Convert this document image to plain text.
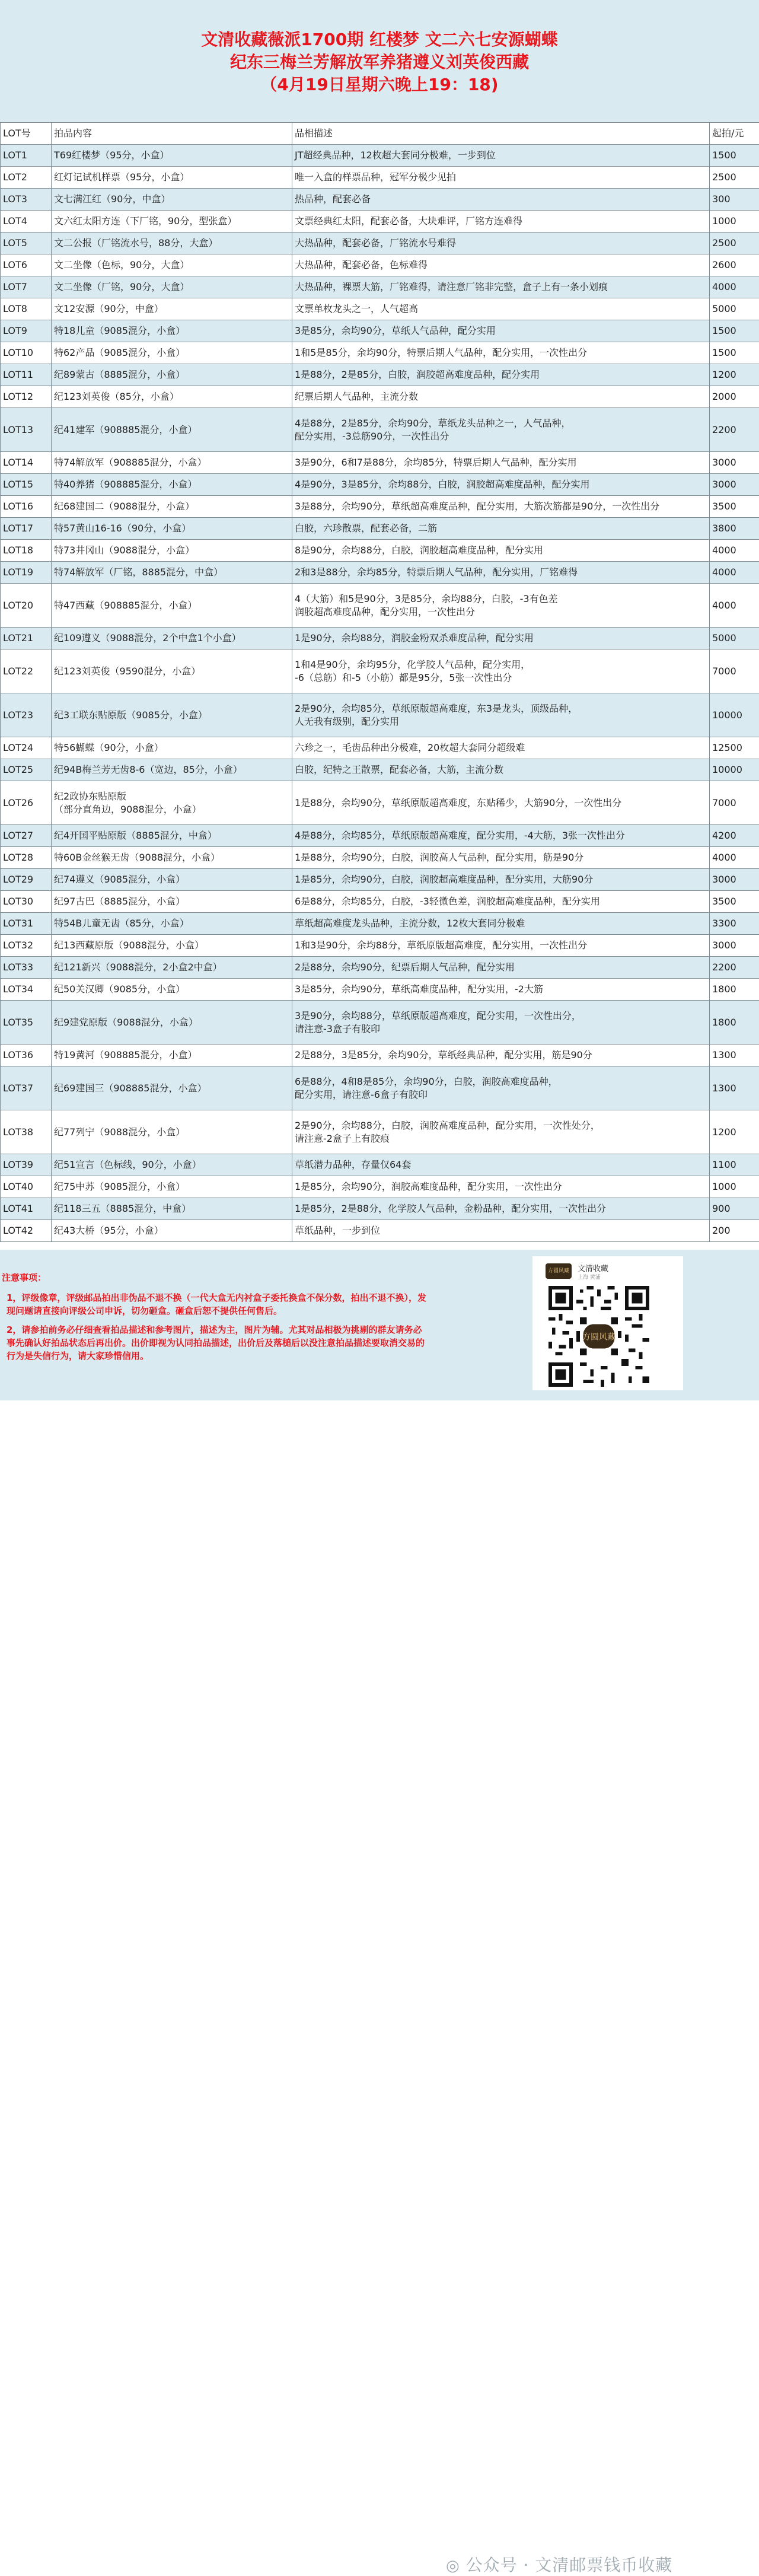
文清收藏薇派1700期 红楼梦 文二六七安源蝴蝶
纪东三梅兰芳解放军养猪遵义刘英俊西藏
（4月19日星期六晚上19：18)
LOT号	拍品内容	品相描述	起拍/元
LOT1	T69红楼梦（95分，小盒）	JT超经典品种，12枚超大套同分极难，一步到位	1500
LOT2	红灯记试机样票（95分，小盒）	唯一入盒的样票品种，冠军分极少见拍	2500
LOT3	文七满江红（90分，中盒）	热品种，配套必备	300
LOT4	文六红太阳方连（下厂铭，90分，型张盒）	文票经典红太阳，配套必备，大块难评，厂铭方连难得	1000
LOT5	文二公报（厂铭流水号，88分，大盒）	大热品种，配套必备，厂铭流水号难得	2500
LOT6	文二坐像（色标，90分，大盒）	大热品种，配套必备，色标难得	2600
LOT7	文二坐像（厂铭，90分，大盒）	大热品种，裸票大筋，厂铭难得，请注意厂铭非完整，盒子上有一条小划痕	4000
LOT8	文12安源（90分，中盒）	文票单枚龙头之一，人气超高	5000
LOT9	特18儿童（9085混分，小盒）	3是85分，余均90分，草纸人气品种，配分实用	1500
LOT10	特62产品（9085混分，小盒）	1和5是85分，余均90分，特票后期人气品种，配分实用，一次性出分	1500
LOT11	纪89蒙古（8885混分，小盒）	1是88分，2是85分，白胶，润胶超高难度品种，配分实用	1200
LOT12	纪123刘英俊（85分，小盒）	纪票后期人气品种，主流分数	2000
LOT13	纪41建军（908885混分，小盒）	4是88分，2是85分，余均90分，草纸龙头品种之一，人气品种，
配分实用，-3总筋90分，一次性出分	2200
LOT14	特74解放军（908885混分，小盒）	3是90分，6和7是88分，余均85分，特票后期人气品种，配分实用	3000
LOT15	特40养猪（908885混分，小盒）	4是90分，3是85分，余均88分，白胶，润胶超高难度品种，配分实用	3000
LOT16	纪68建国二（9088混分，小盒）	3是88分，余均90分，草纸超高难度品种，配分实用，大筋次筋都是90分，一次性出分	3500
LOT17	特57黄山16-16（90分，小盒）	白胶，六珍散票，配套必备，二筋	3800
LOT18	特73井冈山（9088混分，小盒）	8是90分，余均88分，白胶，润胶超高难度品种，配分实用	4000
LOT19	特74解放军（厂铭，8885混分，中盒）	2和3是88分，余均85分，特票后期人气品种，配分实用，厂铭难得	4000
LOT20	特47西藏（908885混分，小盒）	4（大筋）和5是90分，3是85分，余均88分，白胶，-3有色差
润胶超高难度品种，配分实用，一次性出分	4000
LOT21	纪109遵义（9088混分，2个中盒1个小盒）	1是90分，余均88分，润胶金粉双杀难度品种，配分实用	5000
LOT22	纪123刘英俊（9590混分，小盒）	1和4是90分，余均95分，化学胶人气品种，配分实用，
-6（总筋）和-5（小筋）都是95分，5张一次性出分	7000
LOT23	纪3工联东贴原版（9085分，小盒）	2是90分，余均85分，草纸原版超高难度，东3是龙头，顶级品种，
人无我有级别，配分实用	10000
LOT24	特56蝴蝶（90分，小盒）	六珍之一，毛齿品种出分极难，20枚超大套同分超级难	12500
LOT25	纪94B梅兰芳无齿8-6（宽边，85分，小盒）	白胶，纪特之王散票，配套必备，大筋，主流分数	10000
LOT26	纪2政协东贴原版
（部分直角边，9088混分，小盒）	1是88分，余均90分，草纸原版超高难度，东贴稀少，大筋90分，一次性出分	7000
LOT27	纪4开国平贴原版（8885混分，中盒）	4是88分，余均85分，草纸原版超高难度，配分实用，-4大筋，3张一次性出分	4200
LOT28	特60B金丝猴无齿（9088混分，小盒）	1是88分，余均90分，白胶，润胶高人气品种，配分实用，筋是90分	4000
LOT29	纪74遵义（9085混分，小盒）	1是85分，余均90分，白胶，润胶超高难度品种，配分实用，大筋90分	3000
LOT30	纪97古巴（8885混分，小盒）	6是88分，余均85分，白胶，-3轻微色差，润胶超高难度品种，配分实用	3500
LOT31	特54B儿童无齿（85分，小盒）	草纸超高难度龙头品种，主流分数，12枚大套同分极难	3300
LOT32	纪13西藏原版（9088混分，小盒）	1和3是90分，余均88分，草纸原版超高难度，配分实用，一次性出分	3000
LOT33	纪121新兴（9088混分，2小盒2中盒）	2是88分，余均90分，纪票后期人气品种，配分实用	2200
LOT34	纪50关汉卿（9085分，小盒）	3是85分，余均90分，草纸高难度品种，配分实用，-2大筋	1800
LOT35	纪9建党原版（9088混分，小盒）	3是90分，余均88分，草纸原版超高难度，配分实用，一次性出分，
请注意-3盒子有胶印	1800
LOT36	特19黄河（908885混分，小盒）	2是88分，3是85分，余均90分，草纸经典品种，配分实用，筋是90分	1300
LOT37	纪69建国三（908885混分，小盒）	6是88分，4和8是85分，余均90分，白胶，润胶高难度品种，
配分实用，请注意-6盒子有胶印	1300
LOT38	纪77列宁（9088混分，小盒）	2是90分，余均88分，白胶，润胶高难度品种，配分实用，一次性处分，
请注意-2盒子上有胶痕	1200
LOT39	纪51宣言（色标线，90分，小盒）	草纸潜力品种，存量仅64套	1100
LOT40	纪75中苏（9085混分，小盒）	1是85分，余均90分，润胶高难度品种，配分实用，一次性出分	1000
LOT41	纪118三五（8885混分，中盒）	1是85分，2是88分，化学胶人气品种，金粉品种，配分实用，一次性出分	900
LOT42	纪43大桥（95分，小盒）	草纸品种，一步到位	200
注意事项：

1，评级像章，评级邮品拍出非伪品不退不换（一代大盒无内衬盒子委托换盒不保分数，拍出不退不换），发现问题请直接向评级公司申诉，切勿砸盒。砸盒后恕不提供任何售后。

2，请参拍前务必仔细查看拍品描述和参考图片，描述为主，图片为辅。尤其对品相极为挑剔的群友请务必事先确认好拍品状态后再出价。出价即视为认同拍品描述，出价后及落槌后以没注意拍品描述要取消交易的行为是失信行为，请大家珍惜信用。

方圆风藏	文清收藏
上海 黄浦
方圆风藏
◎ 公众号 · 文清邮票钱币收藏
